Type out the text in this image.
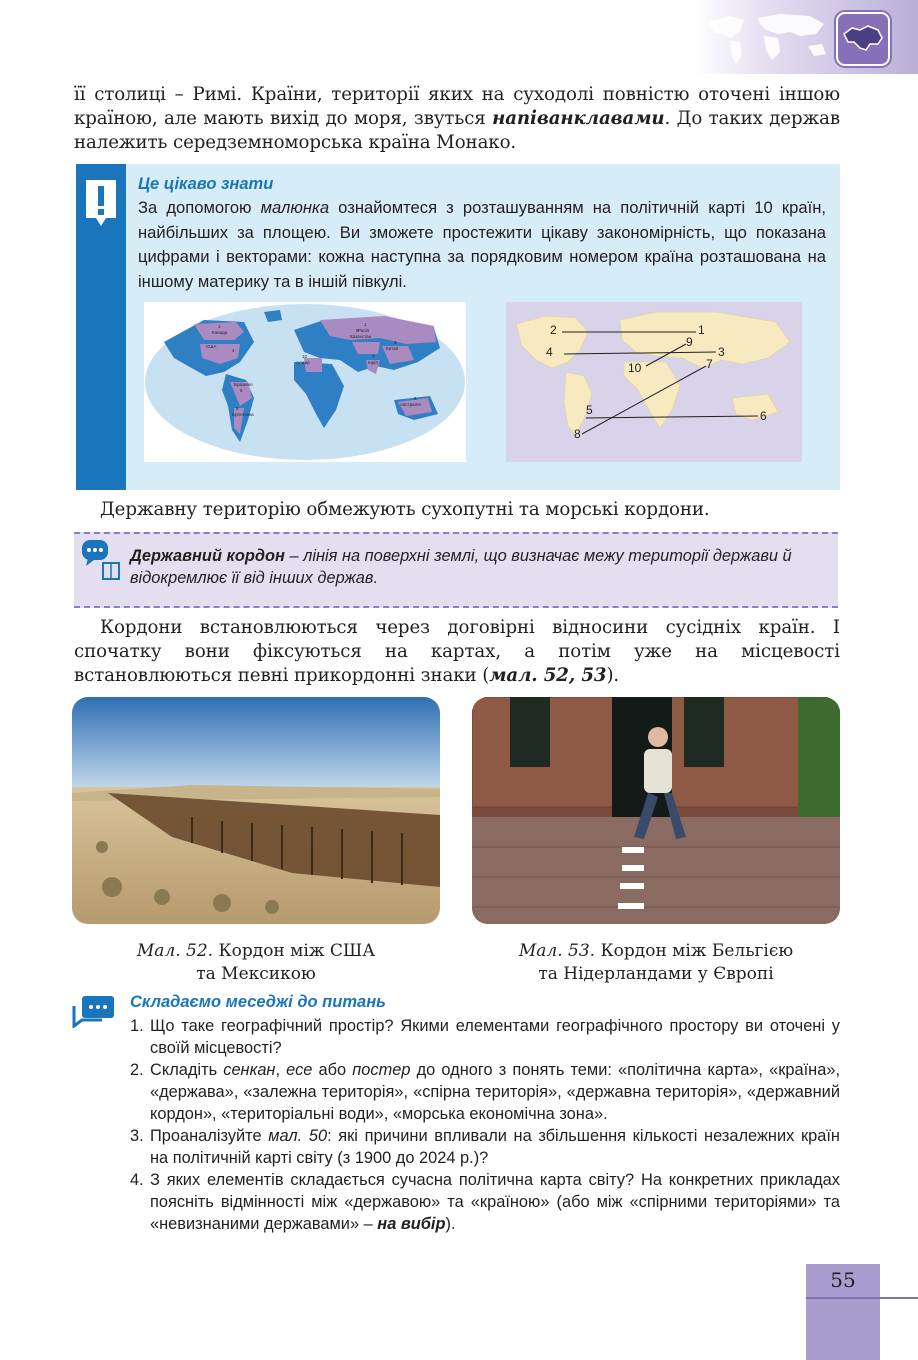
її столиці – Римі. Країни, території яких на суходолі повністю оточені іншою країною, але мають вихід до моря, звуться напіванклавами. До таких держав належить середземноморська країна Монако.
Це цікаво знати
За допомогою малюнка ознайомтеся з розташуванням на політичній карті 10 країн, найбільших за площею. Ви зможете простежити цікаву закономірність, що показана цифрами і векторами: кожна наступна за порядковим номером країна розташована на іншому материку та в іншій півкулі.
Росія
Канада
Казахстан
США	Китай
Алжир	Індія
Бразилія
Австралія
Аргентина
1
2
3
4
5
6
7
8
9
10
1
2
3
4
5	6
7
8
9
10
Державну територію обмежують сухопутні та морські кордони.
Державний кордон – лінія на поверхні землі, що визначає межу території держави й відокремлює її від інших держав.
Кордони встановлюються через договірні відносини сусідніх країн. І спочатку вони фіксуються на картах, а потім уже на місцевості встановлюються певні прикордонні знаки (мал. 52, 53).
Мал. 52. Кордон між США
та Мексикою
Мал. 53. Кордон між Бельгією
та Нідерландами у Європі
Складаємо меседжі до питань
1. Що таке географічний простір? Якими елементами географічного простору ви оточені у своїй місцевості?
2. Складіть сенкан, есе або постер до одного з понять теми: «політична карта», «країна», «держава», «залежна територія», «спірна територія», «державна територія», «державний кордон», «територіальні води», «морська економічна зона».
3. Проаналізуйте мал. 50: які причини впливали на збільшення кількості незалежних країн на політичній карті світу (з 1900 до 2024 р.)?
4. З яких елементів складається сучасна політична карта світу? На конкретних прикладах поясніть відмінності між «державою» та «країною» (або між «спірними територіями» та «невизнаними державами» – на вибір).
55
